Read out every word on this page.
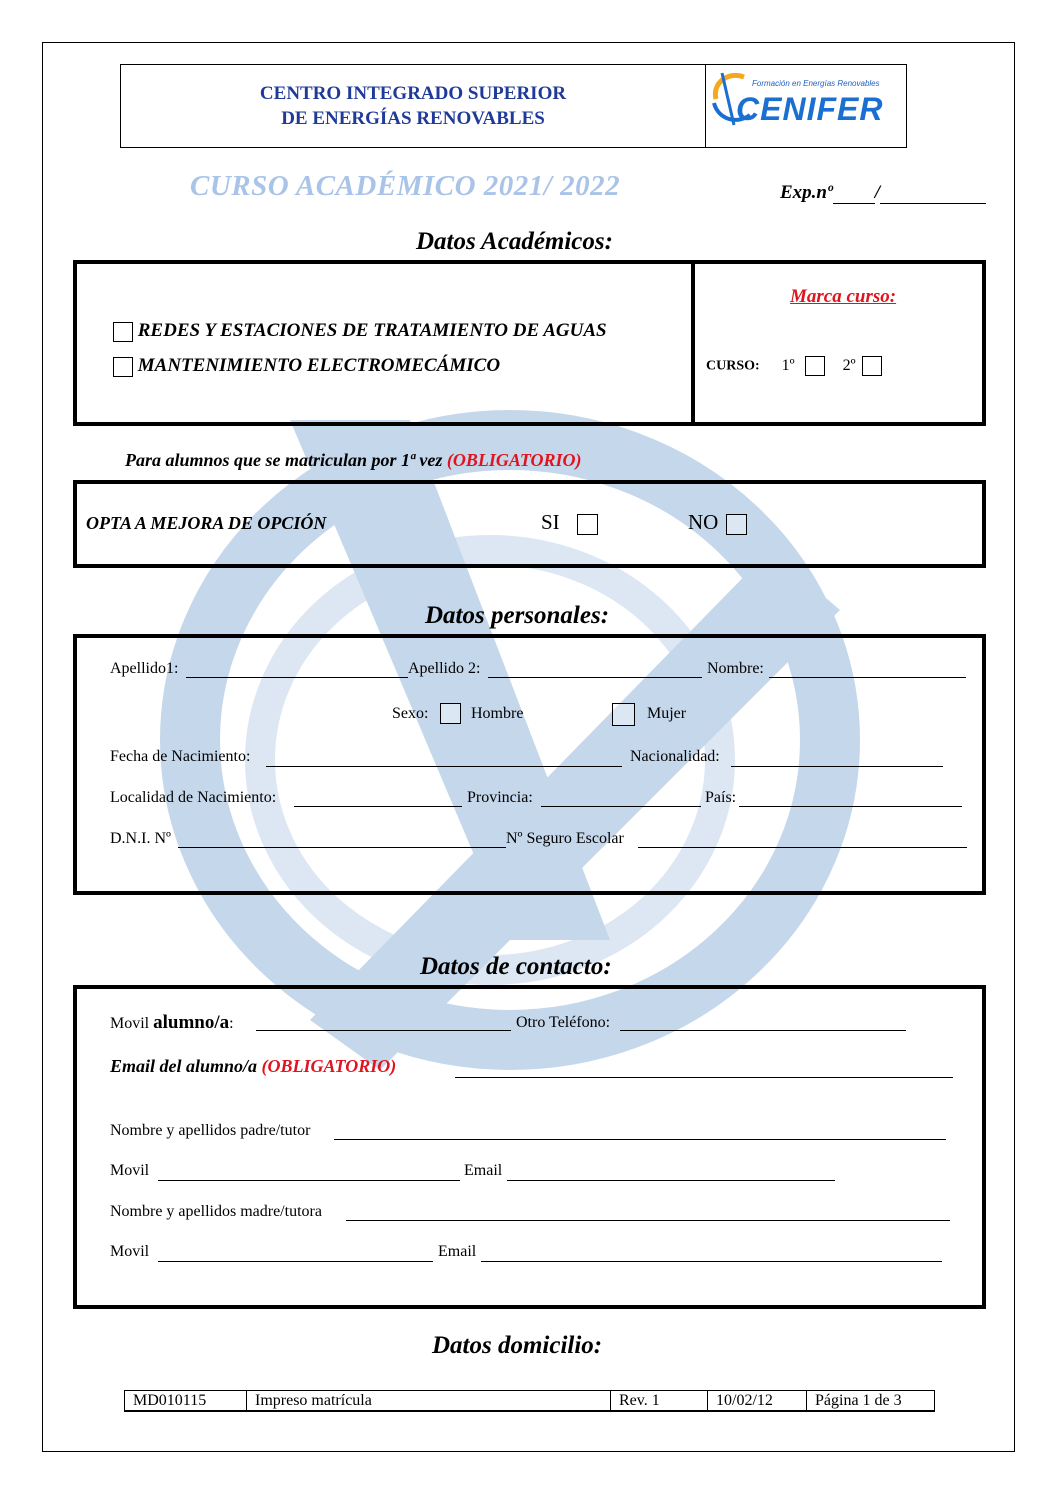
CENTRO INTEGRADO SUPERIOR
DE ENERGÍAS RENOVABLES
Formación en Energías Renovables
CENIFER
CURSO ACADÉMICO 2021/ 2022	Exp.nº /
Datos Académicos:
REDES Y ESTACIONES DE TRATAMIENTO DE AGUAS
MANTENIMIENTO ELECTROMECÁMICO
Marca curso:
CURSO: 1º	2º
Para alumnos que se matriculan por 1ª vez (OBLIGATORIO)
OPTA A MEJORA DE OPCIÓN	SI	NO
Datos personales:
Apellido1:	Apellido 2:	Nombre:
Sexo:	Hombre	Mujer
Fecha de Nacimiento:	Nacionalidad:
Localidad de Nacimiento:	Provincia:	País:
D.N.I. Nº	Nº Seguro Escolar
Datos de contacto:
Movil alumno/a:	Otro Teléfono:
Email del alumno/a (OBLIGATORIO)
Nombre y apellidos padre/tutor
Movil	Email
Nombre y apellidos madre/tutora
Movil	Email
Datos domicilio:
MD010115	Impreso matrícula	Rev. 1	10/02/12	Página 1 de 3
